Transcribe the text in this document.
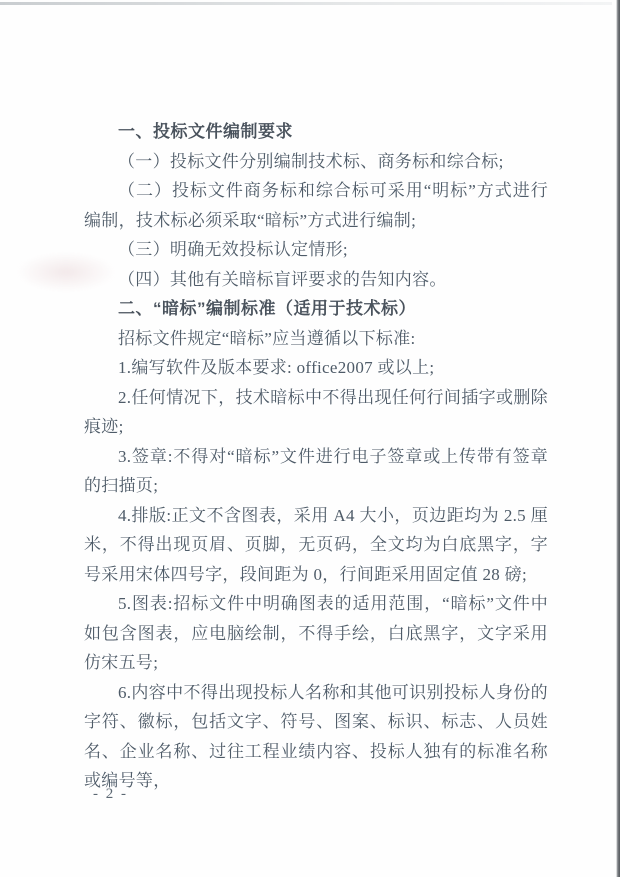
一、投标文件编制要求
（一）投标文件分别编制技术标、商务标和综合标;
（二）投标文件商务标和综合标可采用“明标”方式进行编制，技术标必须采取“暗标”方式进行编制;
（三）明确无效投标认定情形;
（四）其他有关暗标盲评要求的告知内容。
二、“暗标”编制标准（适用于技术标）
招标文件规定“暗标”应当遵循以下标准:
1.编写软件及版本要求: office2007 或以上;
2.任何情况下，技术暗标中不得出现任何行间插字或删除痕迹;
3.签章:不得对“暗标”文件进行电子签章或上传带有签章的扫描页;
4.排版:正文不含图表，采用 A4 大小，页边距均为 2.5 厘米，不得出现页眉、页脚，无页码，全文均为白底黑字，字号采用宋体四号字，段间距为 0，行间距采用固定值 28 磅;
5.图表:招标文件中明确图表的适用范围，“暗标”文件中如包含图表，应电脑绘制，不得手绘，白底黑字，文字采用仿宋五号;
6.内容中不得出现投标人名称和其他可识别投标人身份的字符、徽标，包括文字、符号、图案、标识、标志、人员姓名、企业名称、过往工程业绩内容、投标人独有的标准名称或编号等，
- 2 -
